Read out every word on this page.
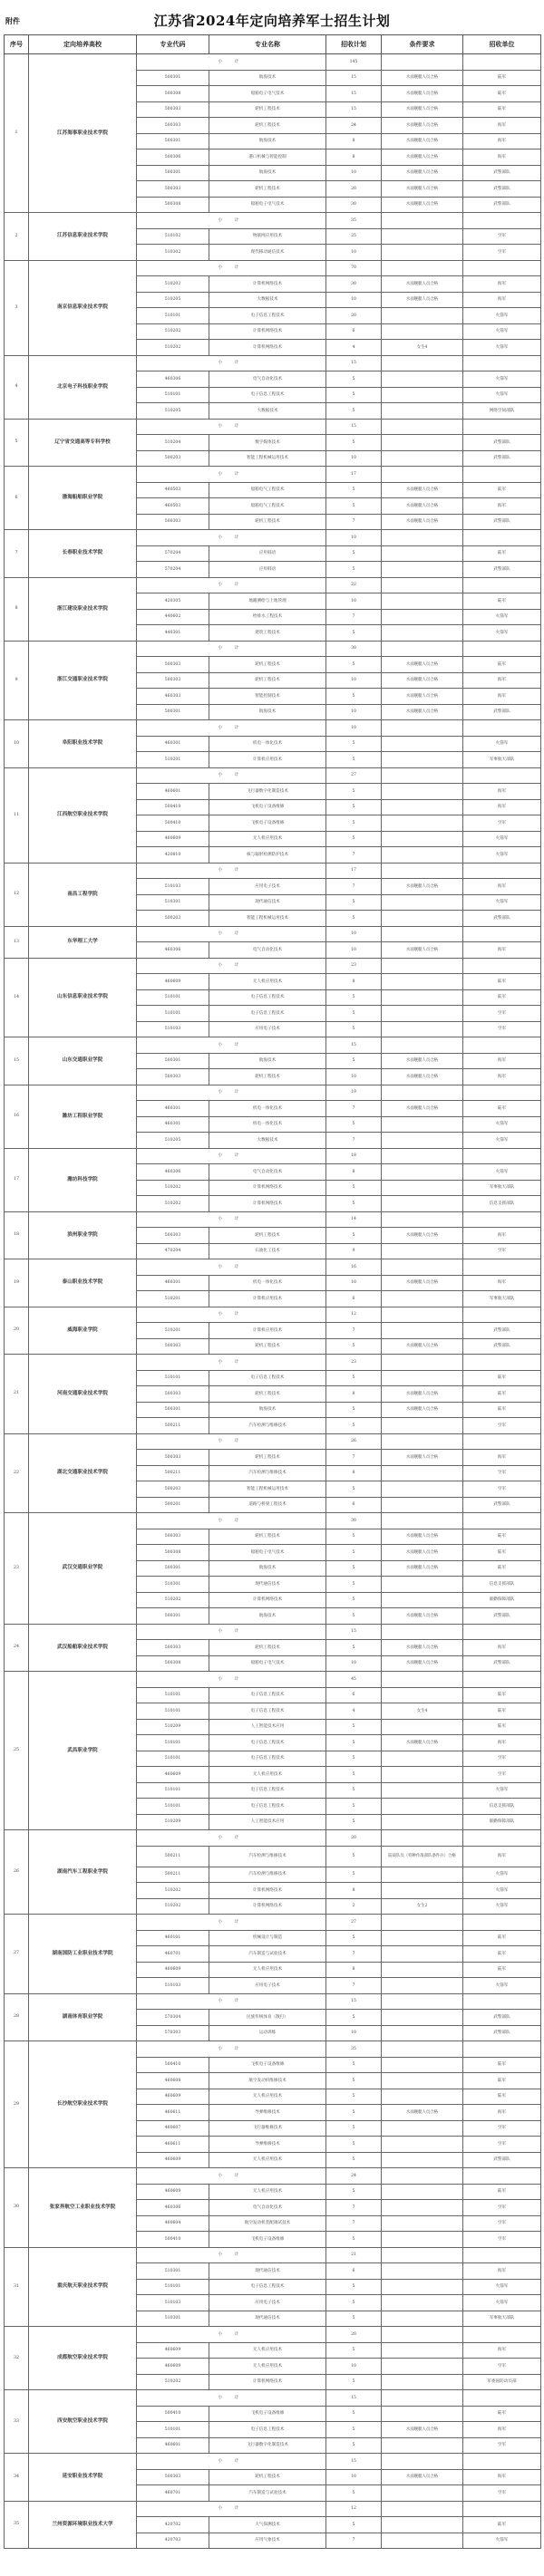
附件	江苏省2024年定向培养军士招生计划
序号	定向培养高校	专业代码	专业名称	招收计划	条件要求	招收单位
1	江苏海事职业技术学院	小 计		145		
		500301	航海技术	15	水面舰艇人员合格	陆军
		500308	船舶电子电气技术	15	水面舰艇人员合格	陆军
		500303	轮机工程技术	15	水面舰艇人员合格	陆军
		500303	轮机工程技术	24	水面舰艇人员合格	海军
		500301	航海技术	8	水面舰艇人员合格	海军
		500306	港口机械与智能控制	8	水面舰艇人员合格	海军
		500301	航海技术	10	水面舰艇人员合格	武警部队
		500303	轮机工程技术	20	水面舰艇人员合格	武警部队
		500308	船舶电子电气技术	30	水面舰艇人员合格	武警部队
2	江苏信息职业技术学院	小 计		35		
		510102	物联网应用技术	25		空军
		510302	现代移动通信技术	10		空军
3	南京信息职业技术学院	小 计		70		
		510202	计算机网络技术	30	水面舰艇人员合格	海军
		510205	大数据技术	10	水面舰艇人员合格	海军
		510101	电子信息工程技术	20		火箭军
		510202	计算机网络技术	6		火箭军
		510202	计算机网络技术	4	女生4	火箭军
4	北京电子科技职业学院	小 计		15		
		460306	电气自动化技术	5		火箭军
		510101	电子信息工程技术	5		火箭军
		510205	大数据技术	5		网络空间部队
5	辽宁省交通高等专科学校	小 计		15		
		510204	数字媒体技术	5		武警部队
		500203	智能工程机械运用技术	10		武警部队
6	渤海船舶职业学院	小 计		17		
		460503	船舶电气工程技术	5	水面舰艇人员合格	陆军
		460503	船舶电气工程技术	5	水面舰艇人员合格	海军
		500303	轮机工程技术	7	水面舰艇人员合格	武警部队
7	长春职业技术学院	小 计		10		
		570204	应用韩语	5		陆军
		570204	应用韩语	5		武警部队
8	浙江建设职业技术学院	小 计		22		
		420305	地籍测绘与土地管理	10		陆军
		440602	给排水工程技术	7		火箭军
		440301	建筑工程技术	5		火箭军
9	浙江交通职业技术学院	小 计		30		
		500303	轮机工程技术	5	水面舰艇人员合格	陆军
		500303	轮机工程技术	10	水面舰艇人员合格	海军
		460303	智能控制技术	5	水面舰艇人员合格	海军
		500301	航海技术	10	水面舰艇人员合格	武警部队
10	阜阳职业技术学院	小 计		10		
		460301	机电一体化技术	5		火箭军
		510201	计算机应用技术	5		军事航天部队
11	江西航空职业技术学院	小 计		27		
		460601	飞行器数字化制造技术	5		海军
		500410	飞机电子设备维修	5		海军
		500410	飞机电子设备维修	5		空军
		460609	无人机应用技术	5		火箭军
		420810	核与辐射检测防护技术	7		火箭军
12	南昌工程学院	小 计		17		
		510103	应用电子技术	7	水面舰艇人员合格	海军
		510301	现代通信技术	5		火箭军
		500203	智能工程机械运用技术	5		武警部队
13	东华理工大学	小 计		10		
		460306	电气自动化技术	10	水面舰艇人员合格	海军
14	山东信息职业技术学院	小 计		23		
		460609	无人机应用技术	8		陆军
		510101	电子信息工程技术	5		陆军
		510101	电子信息工程技术	5		空军
		510103	应用电子技术	5		空军
15	山东交通职业学院	小 计		15		
		500301	航海技术	5	水面舰艇人员合格	海军
		500303	轮机工程技术	10	水面舰艇人员合格	海军
16	潍坊工程职业学院	小 计		19		
		460301	机电一体化技术	7	水面舰艇人员合格	陆军
		460301	机电一体化技术	5		火箭军
		510205	大数据技术	7		火箭军
17	潍坊科技学院	小 计		18		
		460306	电气自动化技术	8		火箭军
		510202	计算机网络技术	5		军事航天部队
		510202	计算机网络技术	5		信息支援部队
18	滨州职业学院	小 计		14		
		500303	轮机工程技术	5	水面舰艇人员合格	海军
		470204	石油化工技术	9		空军
19	泰山职业技术学院	小 计		16		
		460301	机电一体化技术	10	水面舰艇人员合格	海军
		510201	计算机应用技术	6		军事航天部队
20	威海职业学院	小 计		12		
		510201	计算机应用技术	7		武警部队
		500303	轮机工程技术	5	水面舰艇人员合格	武警部队
21	河南交通职业技术学院	小 计		23		
		510101	电子信息工程技术	5		陆军
		500303	轮机工程技术	8	水面舰艇人员合格	陆军
		500301	航海技术	5	水面舰艇人员合格	陆军
		500211	汽车检测与维修技术	5		空军
22	湖北交通职业技术学院	小 计		26		
		500303	轮机工程技术	7	水面舰艇人员合格	海军
		500211	汽车检测与维修技术	8		空军
		500203	智能工程机械运用技术	5		空军
		500201	道路与桥梁工程技术	6		武警部队
23	武汉交通职业学院	小 计		30		
		500303	轮机工程技术	5	水面舰艇人员合格	陆军
		500308	船舶电子电气技术	5	水面舰艇人员合格	陆军
		500301	航海技术	5	水面舰艇人员合格	陆军
		510301	现代通信技术	5		信息支援部队
		510202	计算机网络技术	5		联勤保障部队
		500301	航海技术	5	水面舰艇人员合格	武警部队
24	武汉船舶职业技术学院	小 计		15		
		500303	轮机工程技术	5	水面舰艇人员合格	海军
		500308	船舶电子电气技术	10	水面舰艇人员合格	武警部队
25	武昌职业学院	小 计		45		
		510101	电子信息工程技术	6		陆军
		510101	电子信息工程技术	4	女生4	陆军
		510209	人工智能技术应用	5		陆军
		510101	电子信息工程技术	5	水面舰艇人员合格	海军
		510101	电子信息工程技术	5		空军
		460609	无人机应用技术	5		空军
		510101	电子信息工程技术	5		火箭军
		510101	电子信息工程技术	5		信息支援部队
		510209	人工智能技术应用	5		联勤保障部队
26	湖南汽车工程职业学院	小 计		20		
		500211	汽车检测与维修技术	5	陆战队员（特种作战部队条件兵）合格	海军
		500211	汽车检测与维修技术	5		火箭军
		510202	计算机网络技术	8		火箭军
		510202	计算机网络技术	2	女生2	火箭军
27	湖南国防工业职业技术学院	小 计		27		
		460101	机械设计与制造	5		陆军
		460701	汽车制造与试验技术	7		陆军
		460609	无人机应用技术	8		陆军
		510103	应用电子技术	7		火箭军
28	湖南体育职业学院	小 计		15		
		570304	民族传统体育（散打）	5		武警部队
		570303	运动训练	10		武警部队
29	长沙航空职业技术学院	小 计		35		
		500410	飞机电子设备维修	5		陆军
		460608	航空发动机维修技术	5		陆军
		460609	无人机应用技术	5		陆军
		460611	导弹维修技术	5	水面舰艇人员合格	海军
		460607	飞行器维修技术	5		空军
		460611	导弹维修技术	5		空军
		460609	无人机应用技术	5		武警部队
30	张家界航空工业职业技术学院	小 计		24		
		460609	无人机应用技术	5		陆军
		460306	电气自动化技术	7		空军
		460604	航空发动机装配调试技术	7		空军
		500410	飞机电子设备维修	5		空军
31	重庆航天职业技术学院	小 计		21		
		510301	现代通信技术	6		海军
		510101	电子信息工程技术	5		火箭军
		510103	应用电子技术	5		火箭军
		510301	现代通信技术	5		军事航天部队
32	成都航空职业技术学院	小 计		20		
		460609	无人机应用技术	5		海军
		460609	无人机应用技术	10		空军
		510202	计算机网络技术	5		军委国防动员部
33	西安航空职业技术学院	小 计		15		
		500410	飞机电子设备维修	5		陆军
		510101	电子信息工程技术	5	水面舰艇人员合格	海军
		460601	飞行器数字化制造技术	5		空军
34	延安职业技术学院	小 计		15		
		500303	轮机工程技术	10	水面舰艇人员合格	海军
		460701	汽车制造与试验技术	5		空军
35	兰州资源环境职业技术大学	小 计		12		
		420702	大气探测技术	5		陆军
		420703	应用气象技术	7		火箭军
